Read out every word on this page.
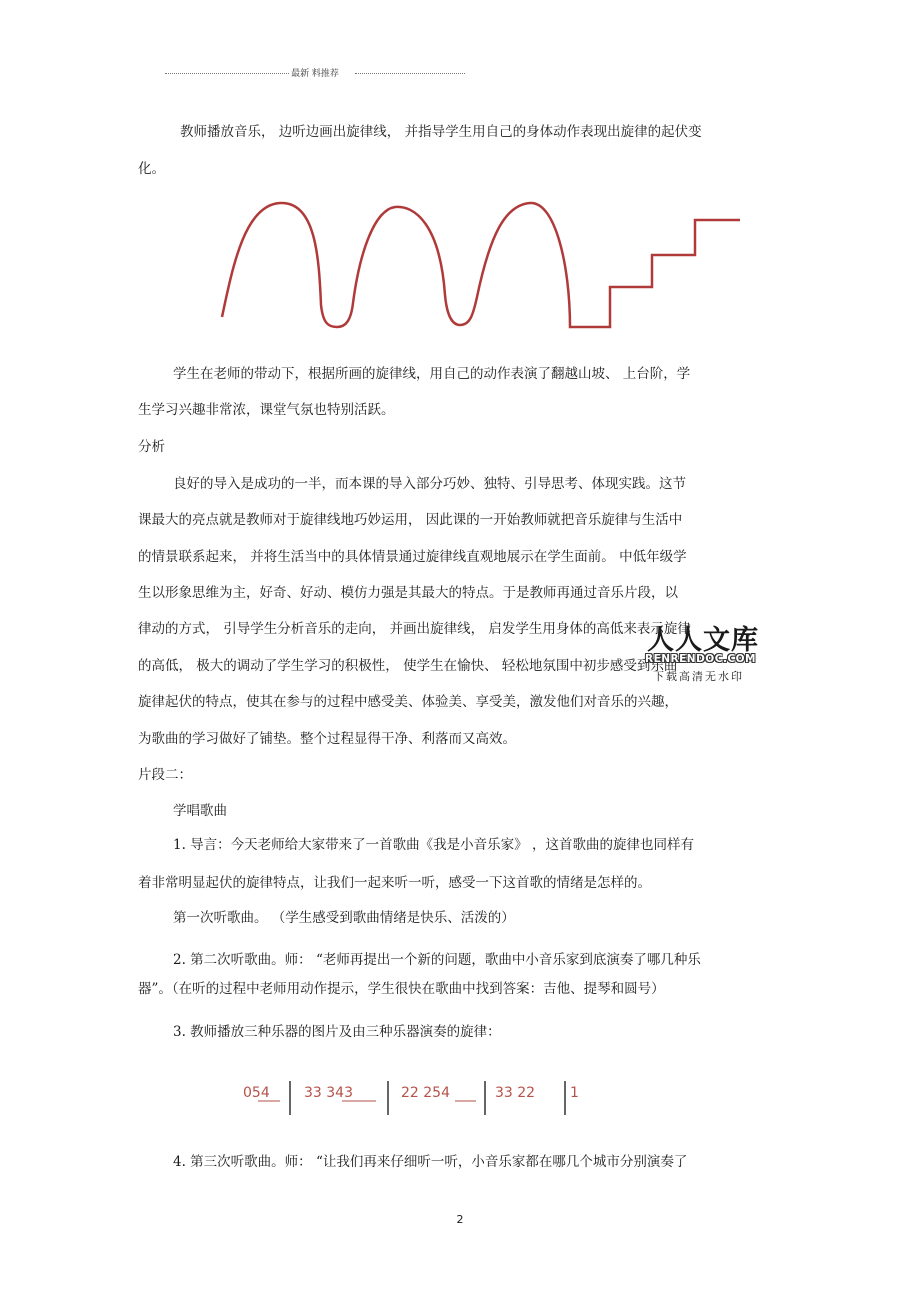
最新 料推荐
教师播放音乐， 边听边画出旋律线， 并指导学生用自己的身体动作表现出旋律的起伏变
化。
学生在老师的带动下，根据所画的旋律线，用自己的动作表演了翻越山坡、 上台阶，学
生学习兴趣非常浓，课堂气氛也特别活跃。
分析
良好的导入是成功的一半，而本课的导入部分巧妙、独特、引导思考、体现实践。这节
课最大的亮点就是教师对于旋律线地巧妙运用， 因此课的一开始教师就把音乐旋律与生活中
的情景联系起来， 并将生活当中的具体情景通过旋律线直观地展示在学生面前。 中低年级学
生以形象思维为主，好奇、好动、模仿力强是其最大的特点。于是教师再通过音乐片段，以
律动的方式， 引导学生分析音乐的走向， 并画出旋律线， 启发学生用身体的高低来表示旋律
的高低， 极大的调动了学生学习的积极性， 使学生在愉快、 轻松地氛围中初步感受到乐曲
旋律起伏的特点，使其在参与的过程中感受美、体验美、享受美，激发他们对音乐的兴趣，
为歌曲的学习做好了铺垫。整个过程显得干净、利落而又高效。
片段二：
学唱歌曲
1. 导言：今天老师给大家带来了一首歌曲《我是小音乐家》 ，这首歌曲的旋律也同样有
着非常明显起伏的旋律特点，让我们一起来听一听，感受一下这首歌的情绪是怎样的。
第一次听歌曲。 （学生感受到歌曲情绪是快乐、活泼的）
2. 第二次听歌曲。师： “老师再提出一个新的问题，歌曲中小音乐家到底演奏了哪几种乐
器”。（在听的过程中老师用动作提示，学生很快在歌曲中找到答案：吉他、提琴和圆号）
3. 教师播放三种乐器的图片及由三种乐器演奏的旋律：
054 33 343	22 254	33 22 1
4. 第三次听歌曲。师： “让我们再来仔细听一听，小音乐家都在哪几个城市分别演奏了
人人文库
RENRENDOC.COM
下载高清无水印
2
